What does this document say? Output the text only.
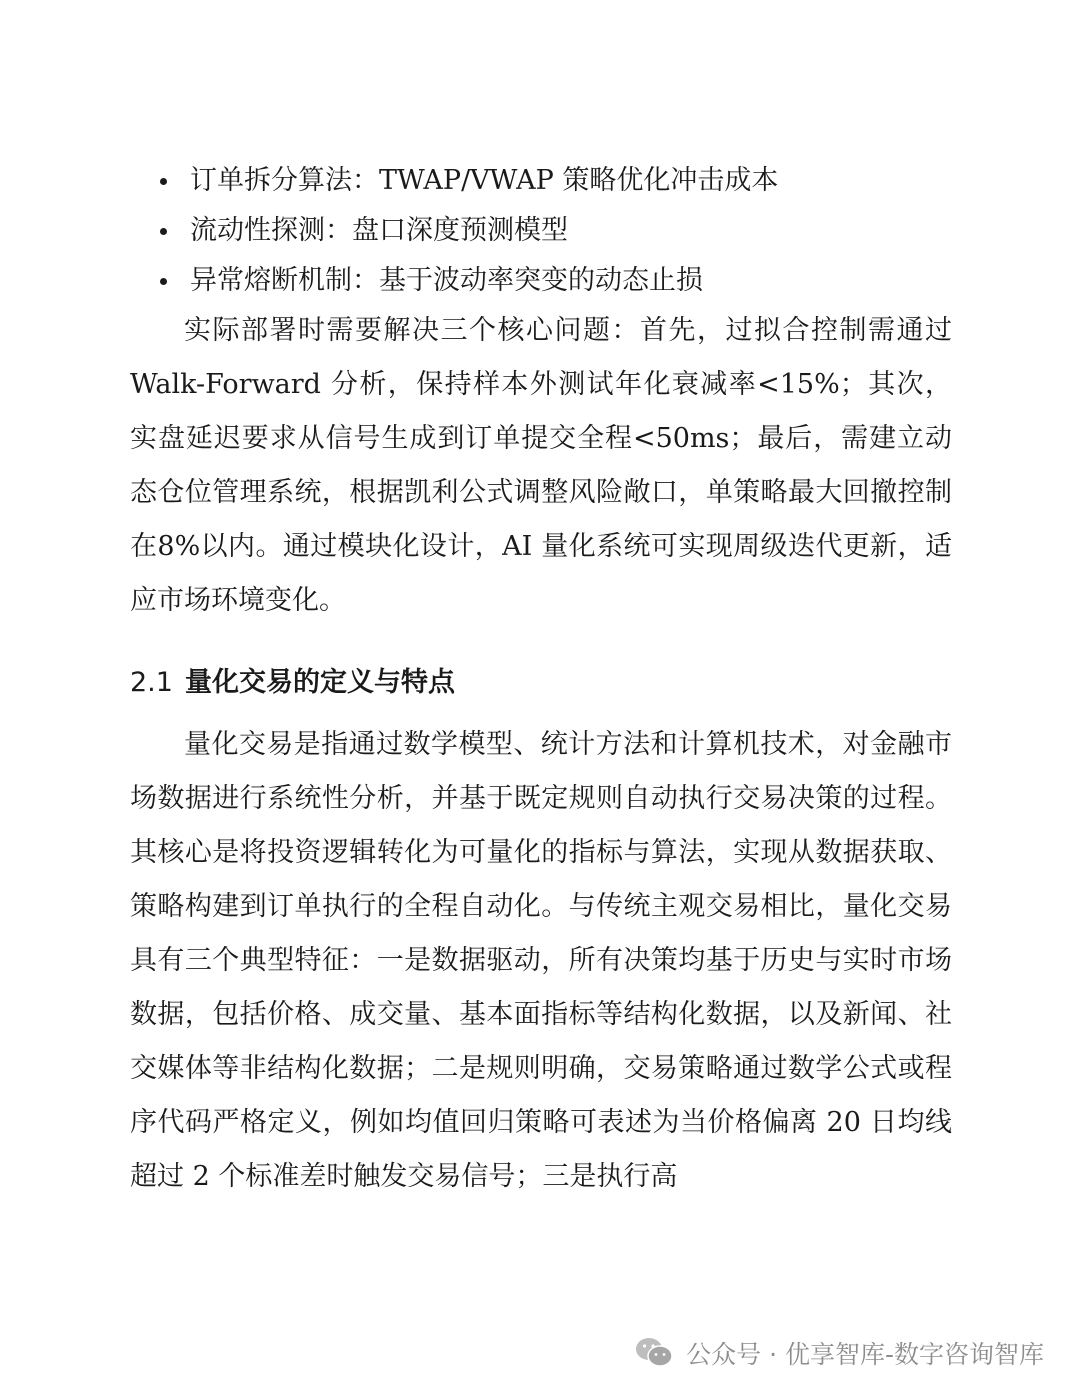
订单拆分算法：TWAP/VWAP 策略优化冲击成本
流动性探测：盘口深度预测模型
异常熔断机制：基于波动率突变的动态止损

实际部署时需要解决三个核心问题：首先，过拟合控制需通过Walk-Forward 分析，保持样本外测试年化衰减率<15%；其次，实盘延迟要求从信号生成到订单提交全程<50ms；最后，需建立动态仓位管理系统，根据凯利公式调整风险敞口，单策略最大回撤控制在8%以内。通过模块化设计，AI 量化系统可实现周级迭代更新，适应市场环境变化。

2.1 量化交易的定义与特点

量化交易是指通过数学模型、统计方法和计算机技术，对金融市场数据进行系统性分析，并基于既定规则自动执行交易决策的过程。其核心是将投资逻辑转化为可量化的指标与算法，实现从数据获取、策略构建到订单执行的全程自动化。与传统主观交易相比，量化交易具有三个典型特征：一是数据驱动，所有决策均基于历史与实时市场数据，包括价格、成交量、基本面指标等结构化数据，以及新闻、社交媒体等非结构化数据；二是规则明确，交易策略通过数学公式或程序代码严格定义，例如均值回归策略可表述为当价格偏离 20 日均线超过 2 个标准差时触发交易信号；三是执行高

公众号 · 优享智库-数字咨询智库
